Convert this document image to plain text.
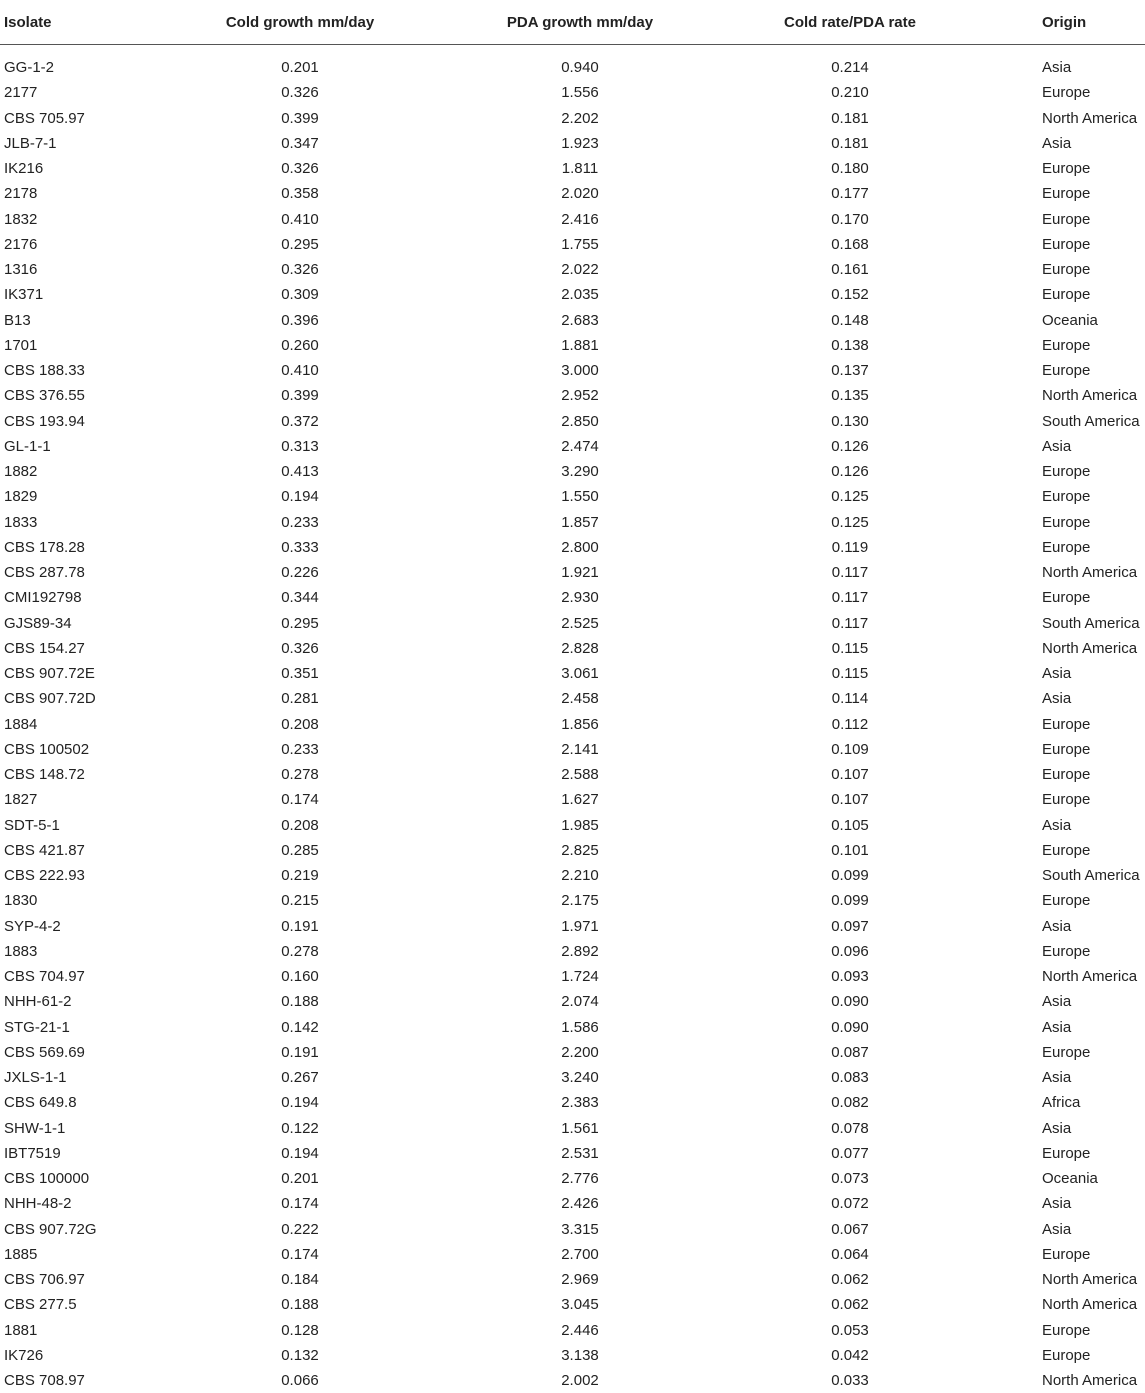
Isolate	Cold growth mm/day	PDA growth mm/day	Cold rate/PDA rate	Origin

GG-1-2	0.201	0.940	0.214	Asia
2177	0.326	1.556	0.210	Europe
CBS 705.97	0.399	2.202	0.181	North America
JLB-7-1	0.347	1.923	0.181	Asia
IK216	0.326	1.811	0.180	Europe
2178	0.358	2.020	0.177	Europe
1832	0.410	2.416	0.170	Europe
2176	0.295	1.755	0.168	Europe
1316	0.326	2.022	0.161	Europe
IK371	0.309	2.035	0.152	Europe
B13	0.396	2.683	0.148	Oceania
1701	0.260	1.881	0.138	Europe
CBS 188.33	0.410	3.000	0.137	Europe
CBS 376.55	0.399	2.952	0.135	North America
CBS 193.94	0.372	2.850	0.130	South America
GL-1-1	0.313	2.474	0.126	Asia
1882	0.413	3.290	0.126	Europe
1829	0.194	1.550	0.125	Europe
1833	0.233	1.857	0.125	Europe
CBS 178.28	0.333	2.800	0.119	Europe
CBS 287.78	0.226	1.921	0.117	North America
CMI192798	0.344	2.930	0.117	Europe
GJS89-34	0.295	2.525	0.117	South America
CBS 154.27	0.326	2.828	0.115	North America
CBS 907.72E	0.351	3.061	0.115	Asia
CBS 907.72D	0.281	2.458	0.114	Asia
1884	0.208	1.856	0.112	Europe
CBS 100502	0.233	2.141	0.109	Europe
CBS 148.72	0.278	2.588	0.107	Europe
1827	0.174	1.627	0.107	Europe
SDT-5-1	0.208	1.985	0.105	Asia
CBS 421.87	0.285	2.825	0.101	Europe
CBS 222.93	0.219	2.210	0.099	South America
1830	0.215	2.175	0.099	Europe
SYP-4-2	0.191	1.971	0.097	Asia
1883	0.278	2.892	0.096	Europe
CBS 704.97	0.160	1.724	0.093	North America
NHH-61-2	0.188	2.074	0.090	Asia
STG-21-1	0.142	1.586	0.090	Asia
CBS 569.69	0.191	2.200	0.087	Europe
JXLS-1-1	0.267	3.240	0.083	Asia
CBS 649.8	0.194	2.383	0.082	Africa
SHW-1-1	0.122	1.561	0.078	Asia
IBT7519	0.194	2.531	0.077	Europe
CBS 100000	0.201	2.776	0.073	Oceania
NHH-48-2	0.174	2.426	0.072	Asia
CBS 907.72G	0.222	3.315	0.067	Asia
1885	0.174	2.700	0.064	Europe
CBS 706.97	0.184	2.969	0.062	North America
CBS 277.5	0.188	3.045	0.062	North America
1881	0.128	2.446	0.053	Europe
IK726	0.132	3.138	0.042	Europe
CBS 708.97	0.066	2.002	0.033	North America
